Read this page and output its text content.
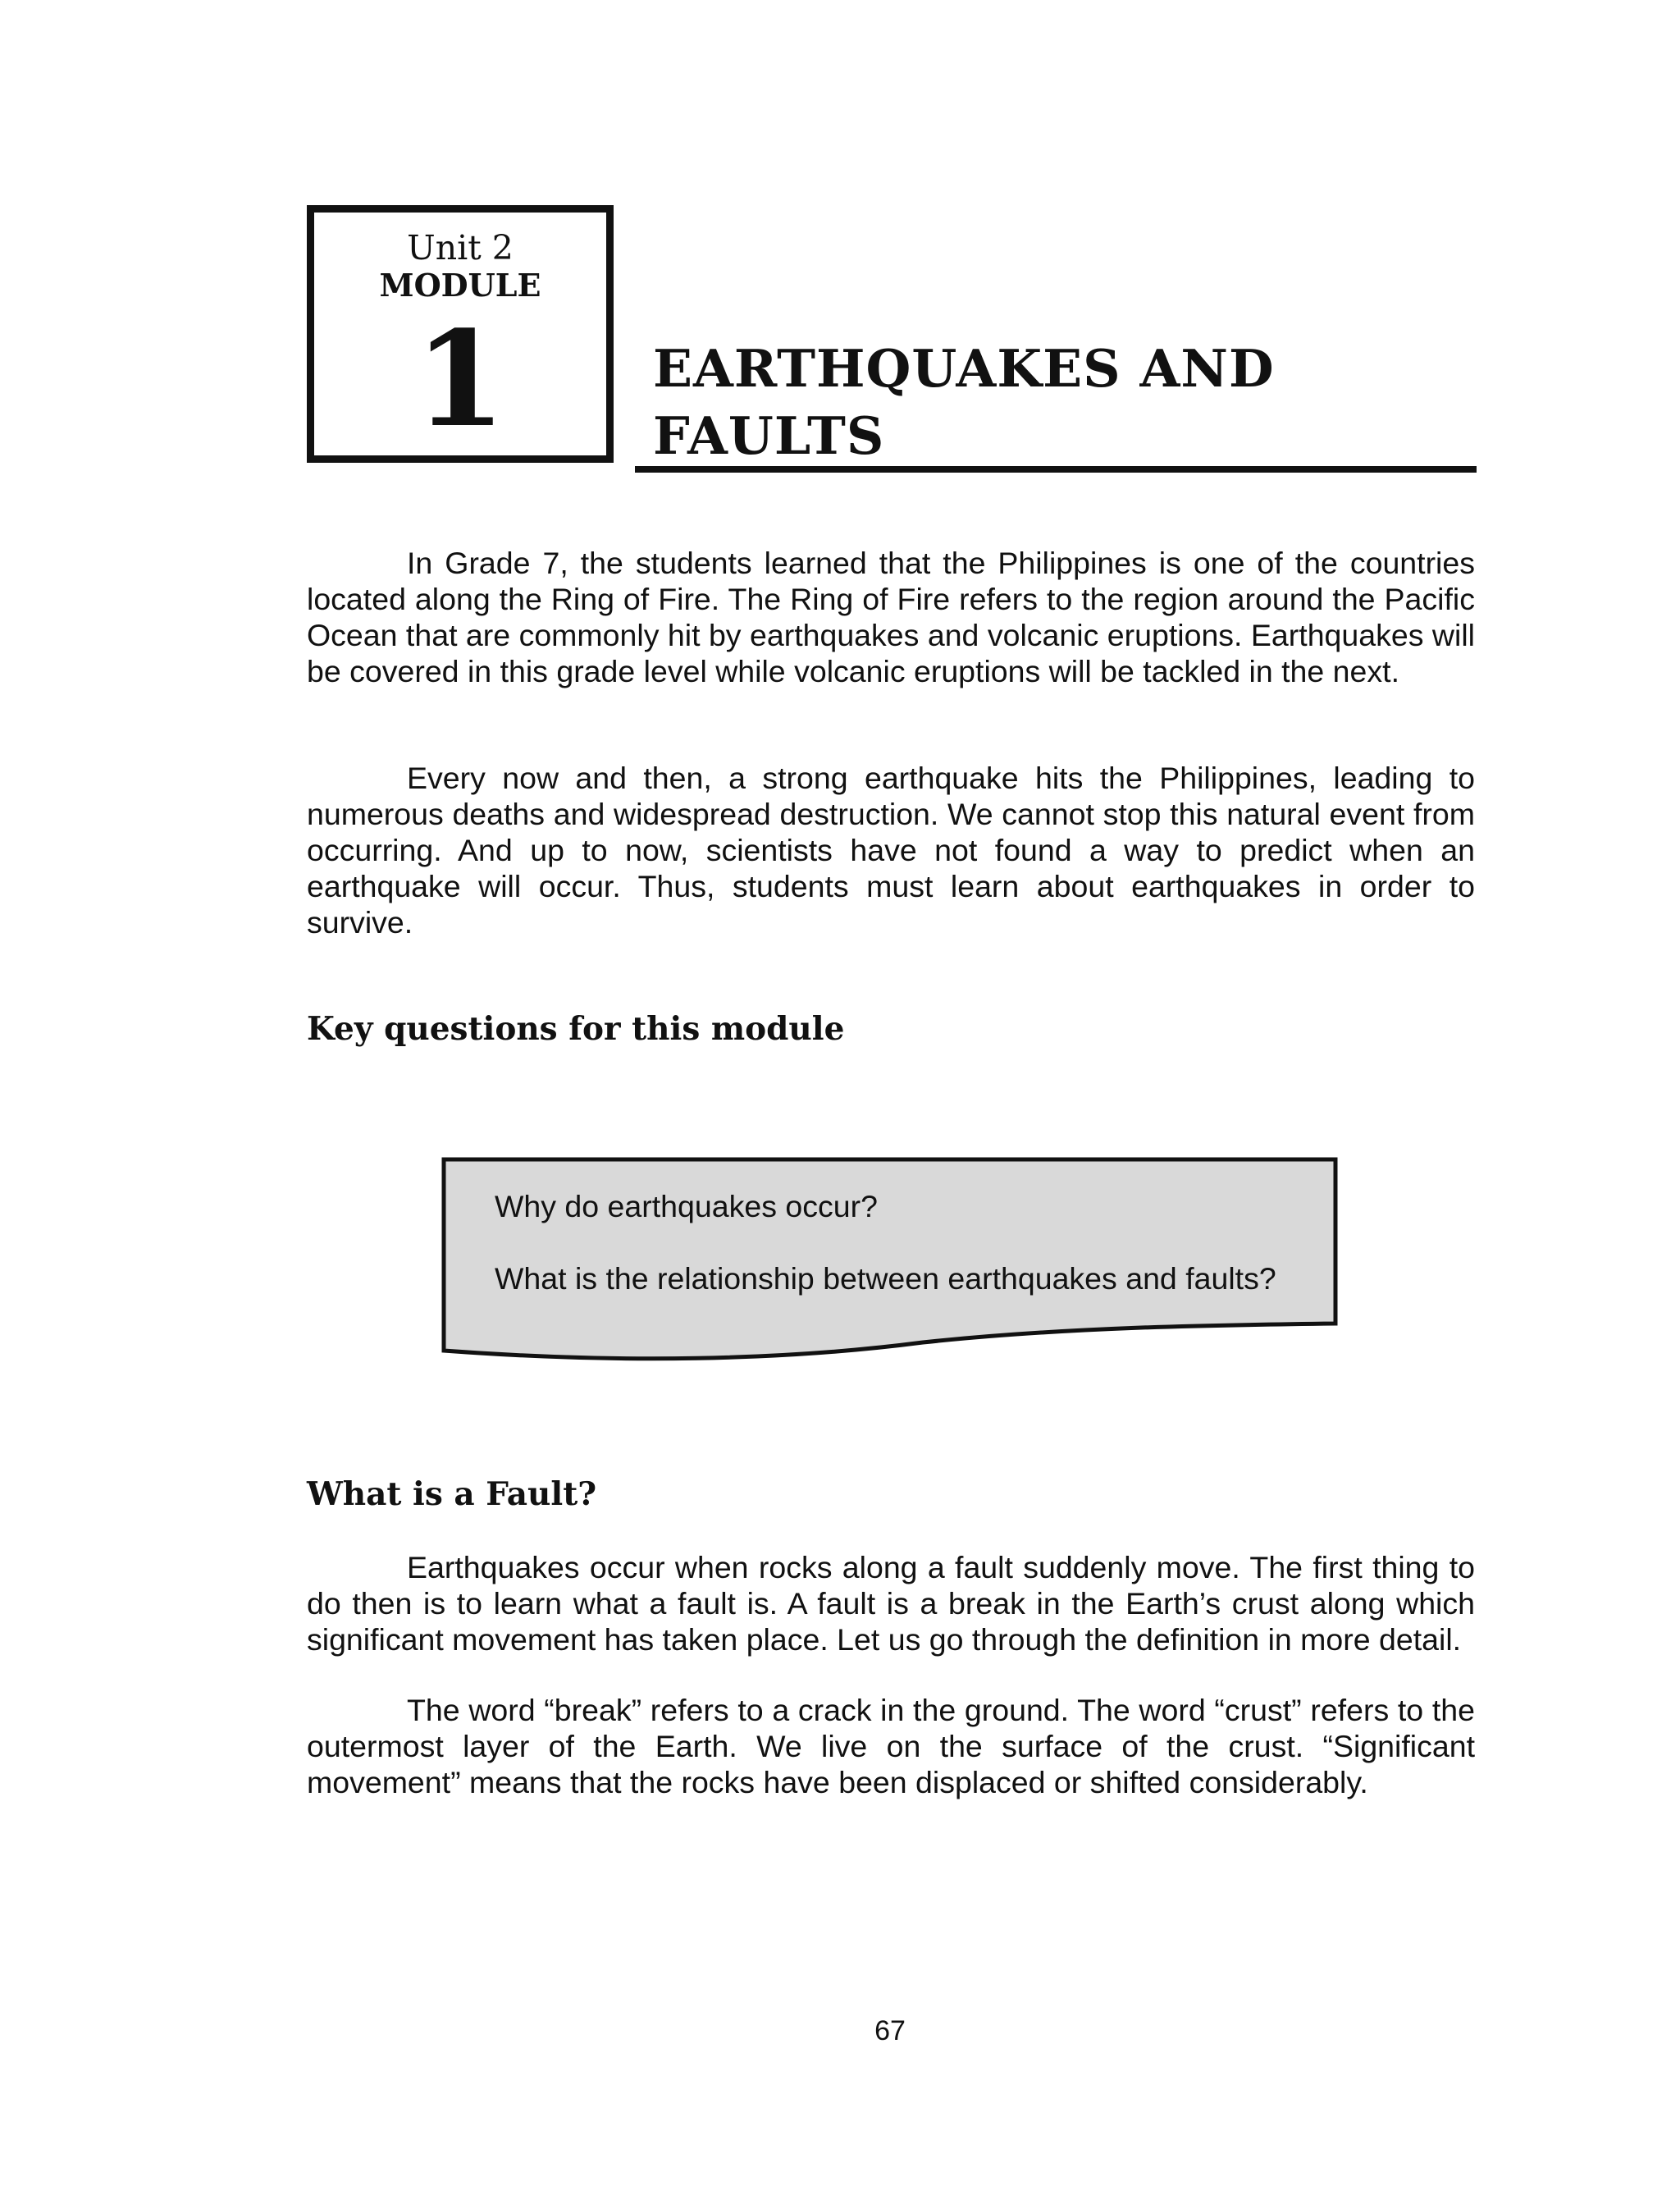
Unit 2
MODULE
1	EARTHQUAKES AND
FAULTS

In Grade 7, the students learned that the Philippines is one of the countries located along the Ring of Fire. The Ring of Fire refers to the region around the Pacific Ocean that are commonly hit by earthquakes and volcanic eruptions. Earthquakes will be covered in this grade level while volcanic eruptions will be tackled in the next.

Every now and then, a strong earthquake hits the Philippines, leading to numerous deaths and widespread destruction. We cannot stop this natural event from occurring. And up to now, scientists have not found a way to predict when an earthquake will occur. Thus, students must learn about earthquakes in order to survive.

Key questions for this module
Why do earthquakes occur?
What is the relationship between earthquakes and faults?
What is a Fault?

Earthquakes occur when rocks along a fault suddenly move. The first thing to do then is to learn what a fault is. A fault is a break in the Earth’s crust along which significant movement has taken place. Let us go through the definition in more detail.

The word “break” refers to a crack in the ground. The word “crust” refers to the outermost layer of the Earth. We live on the surface of the crust. “Significant movement” means that the rocks have been displaced or shifted considerably.

67
